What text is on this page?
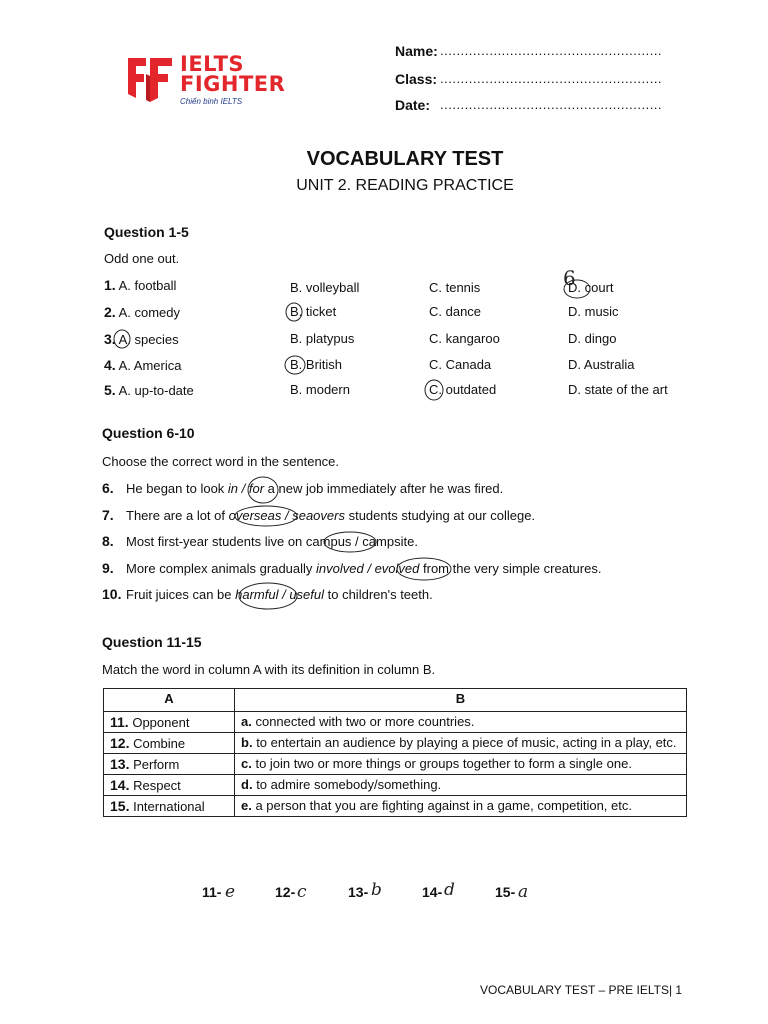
IELTS
FIGHTER
Chiến binh IELTS
Name: ......................................................
Class: ......................................................
Date: ......................................................
VOCABULARY TEST
UNIT 2. READING PRACTICE
Question 1-5
Odd one out.
1. A. football	B. volleyball	C. tennis	D. court
2. A. comedy	B. ticket	C. dance	D. music
3. A. species	B. platypus	C. kangaroo	D. dingo
4. A. America	B. British	C. Canada	D. Australia
5. A. up-to-date	B. modern	C. outdated	D. state of the art
Question 6-10
Choose the correct word in the sentence.
6. He began to look in / for a new job immediately after he was fired.
7. There are a lot of overseas / seaovers students studying at our college.
8. Most first-year students live on campus / campsite.
9. More complex animals gradually involved / evolved from the very simple creatures.
10. Fruit juices can be harmful / useful to children's teeth.
Question 11-15
Match the word in column A with its definition in column B.
A	B
11. Opponent	a. connected with two or more countries.
12. Combine	b. to entertain an audience by playing a piece of music, acting in a play, etc.
13. Perform	c. to join two or more things or groups together to form a single one.
14. Respect	d. to admire somebody/something.
15. International	e. a person that you are fighting against in a game, competition, etc.
11- e	12- c	13- b	14- d	15- a
6
VOCABULARY TEST – PRE IELTS| 1
